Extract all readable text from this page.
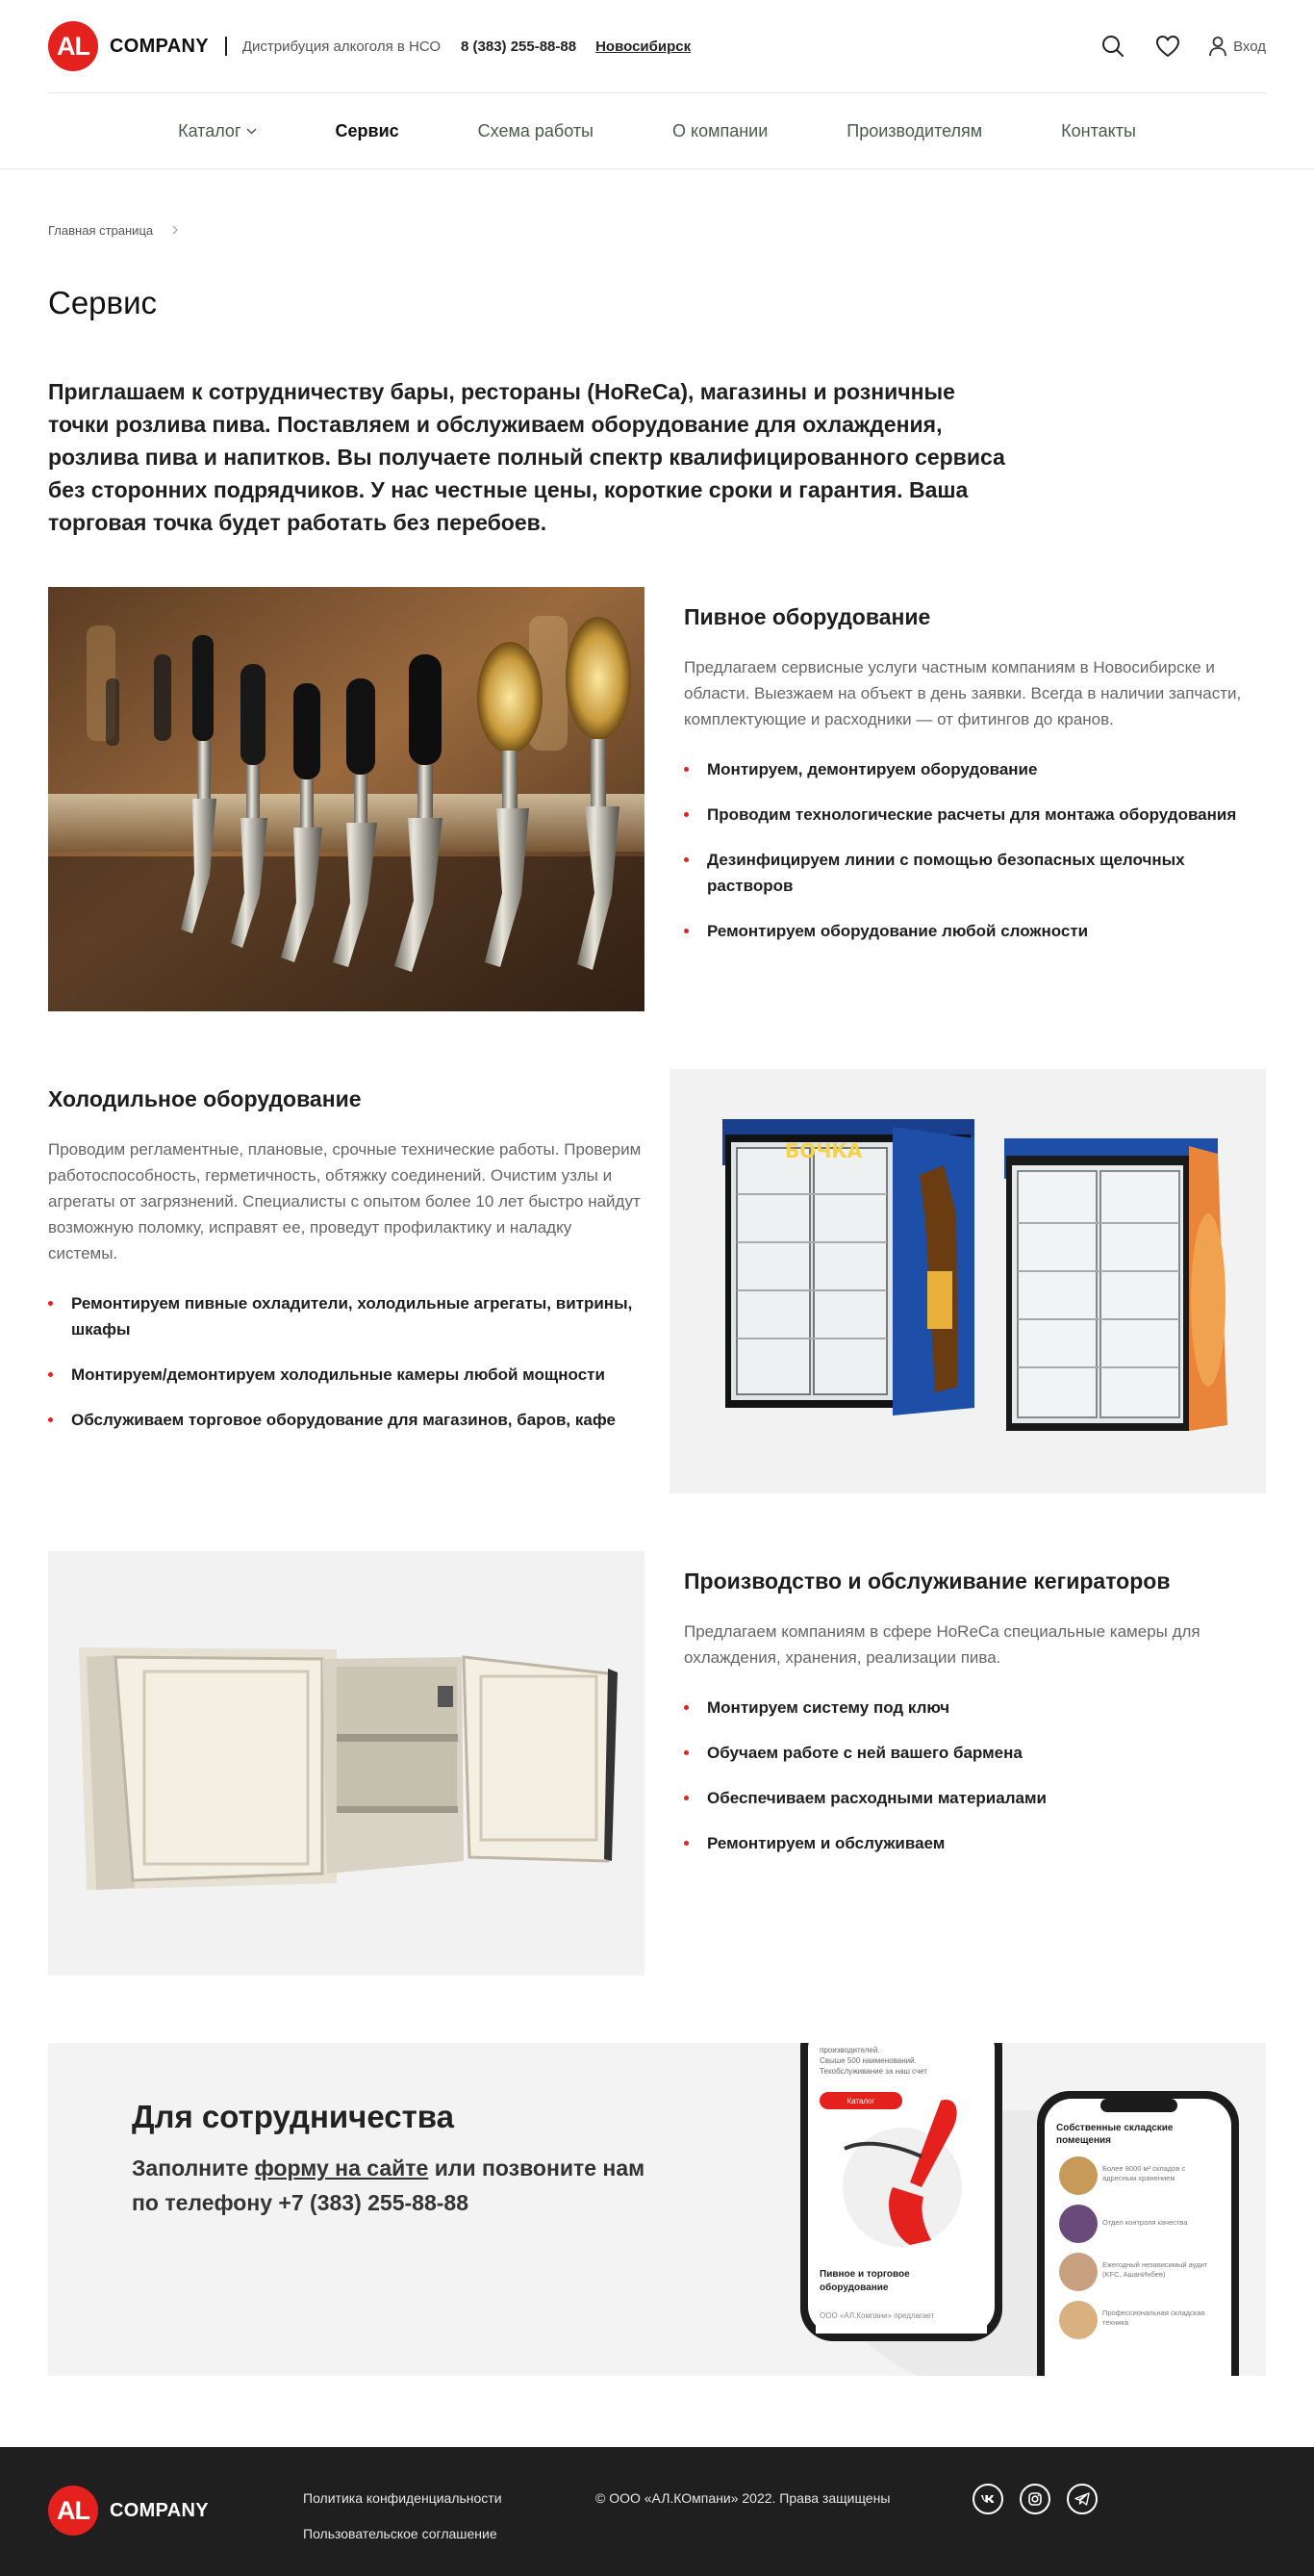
AL	COMPANY Дистрибуция алкоголя в НСО 8 (383) 255-88-88 Новосибирск	Вход
Каталог	Сервис	Схема работы	О компании	Производителям	Контакты
Главная страница
Сервис

Приглашаем к сотрудничеству бары, рестораны (HoReCa), магазины и розничные точки розлива пива. Поставляем и обслуживаем оборудование для охлаждения, розлива пива и напитков. Вы получаете полный спектр квалифицированного сервиса без сторонних подрядчиков. У нас честные цены, короткие сроки и гарантия. Ваша торговая точка будет работать без перебоев.

Пивное оборудование

Предлагаем сервисные услуги частным компаниям в Новосибирске и области. Выезжаем на объект в день заявки. Всегда в наличии запчасти, комплектующие и расходники — от фитингов до кранов.

Монтируем, демонтируем оборудование
Проводим технологические расчеты для монтажа оборудования
Дезинфицируем линии с помощью безопасных щелочных растворов
Ремонтируем оборудование любой сложности
Холодильное оборудование

Проводим регламентные, плановые, срочные технические работы. Проверим работоспособность, герметичность, обтяжку соединений. Очистим узлы и агрегаты от загрязнений. Специалисты с опытом более 10 лет быстро найдут возможную поломку, исправят ее, проведут профилактику и наладку системы.

Ремонтируем пивные охладители, холодильные агрегаты, витрины, шкафы
Монтируем/демонтируем холодильные камеры любой мощности
Обслуживаем торговое оборудование для магазинов, баров, кафе
БОЧКА
Производство и обслуживание кегираторов

Предлагаем компаниям в сфере HoReCa специальные камеры для охлаждения, хранения, реализации пива.

Монтируем систему под ключ
Обучаем работе с ней вашего бармена
Обеспечиваем расходными материалами
Ремонтируем и обслуживаем
Для сотрудничества

Заполните форму на сайте или позвоните нам по телефону +7 (383) 255-88-88

производителей.
Свыше 500 наименований.
Техобслуживание за наш счет
Каталог
Пивное и торговое оборудование
ООО «АЛ.Компани» предлагает
Собственные складские помещения
Более 8000 м² складов с адресным хранением
Отдел контроля качества
Ежегодный независимый аудит (KFC, АшанИнбев)
Профессиональная складская техника
AL	COMPANY
Политика конфиденциальности
Пользовательское соглашение
© ООО «АЛ.КОмпани» 2022. Права защищены
